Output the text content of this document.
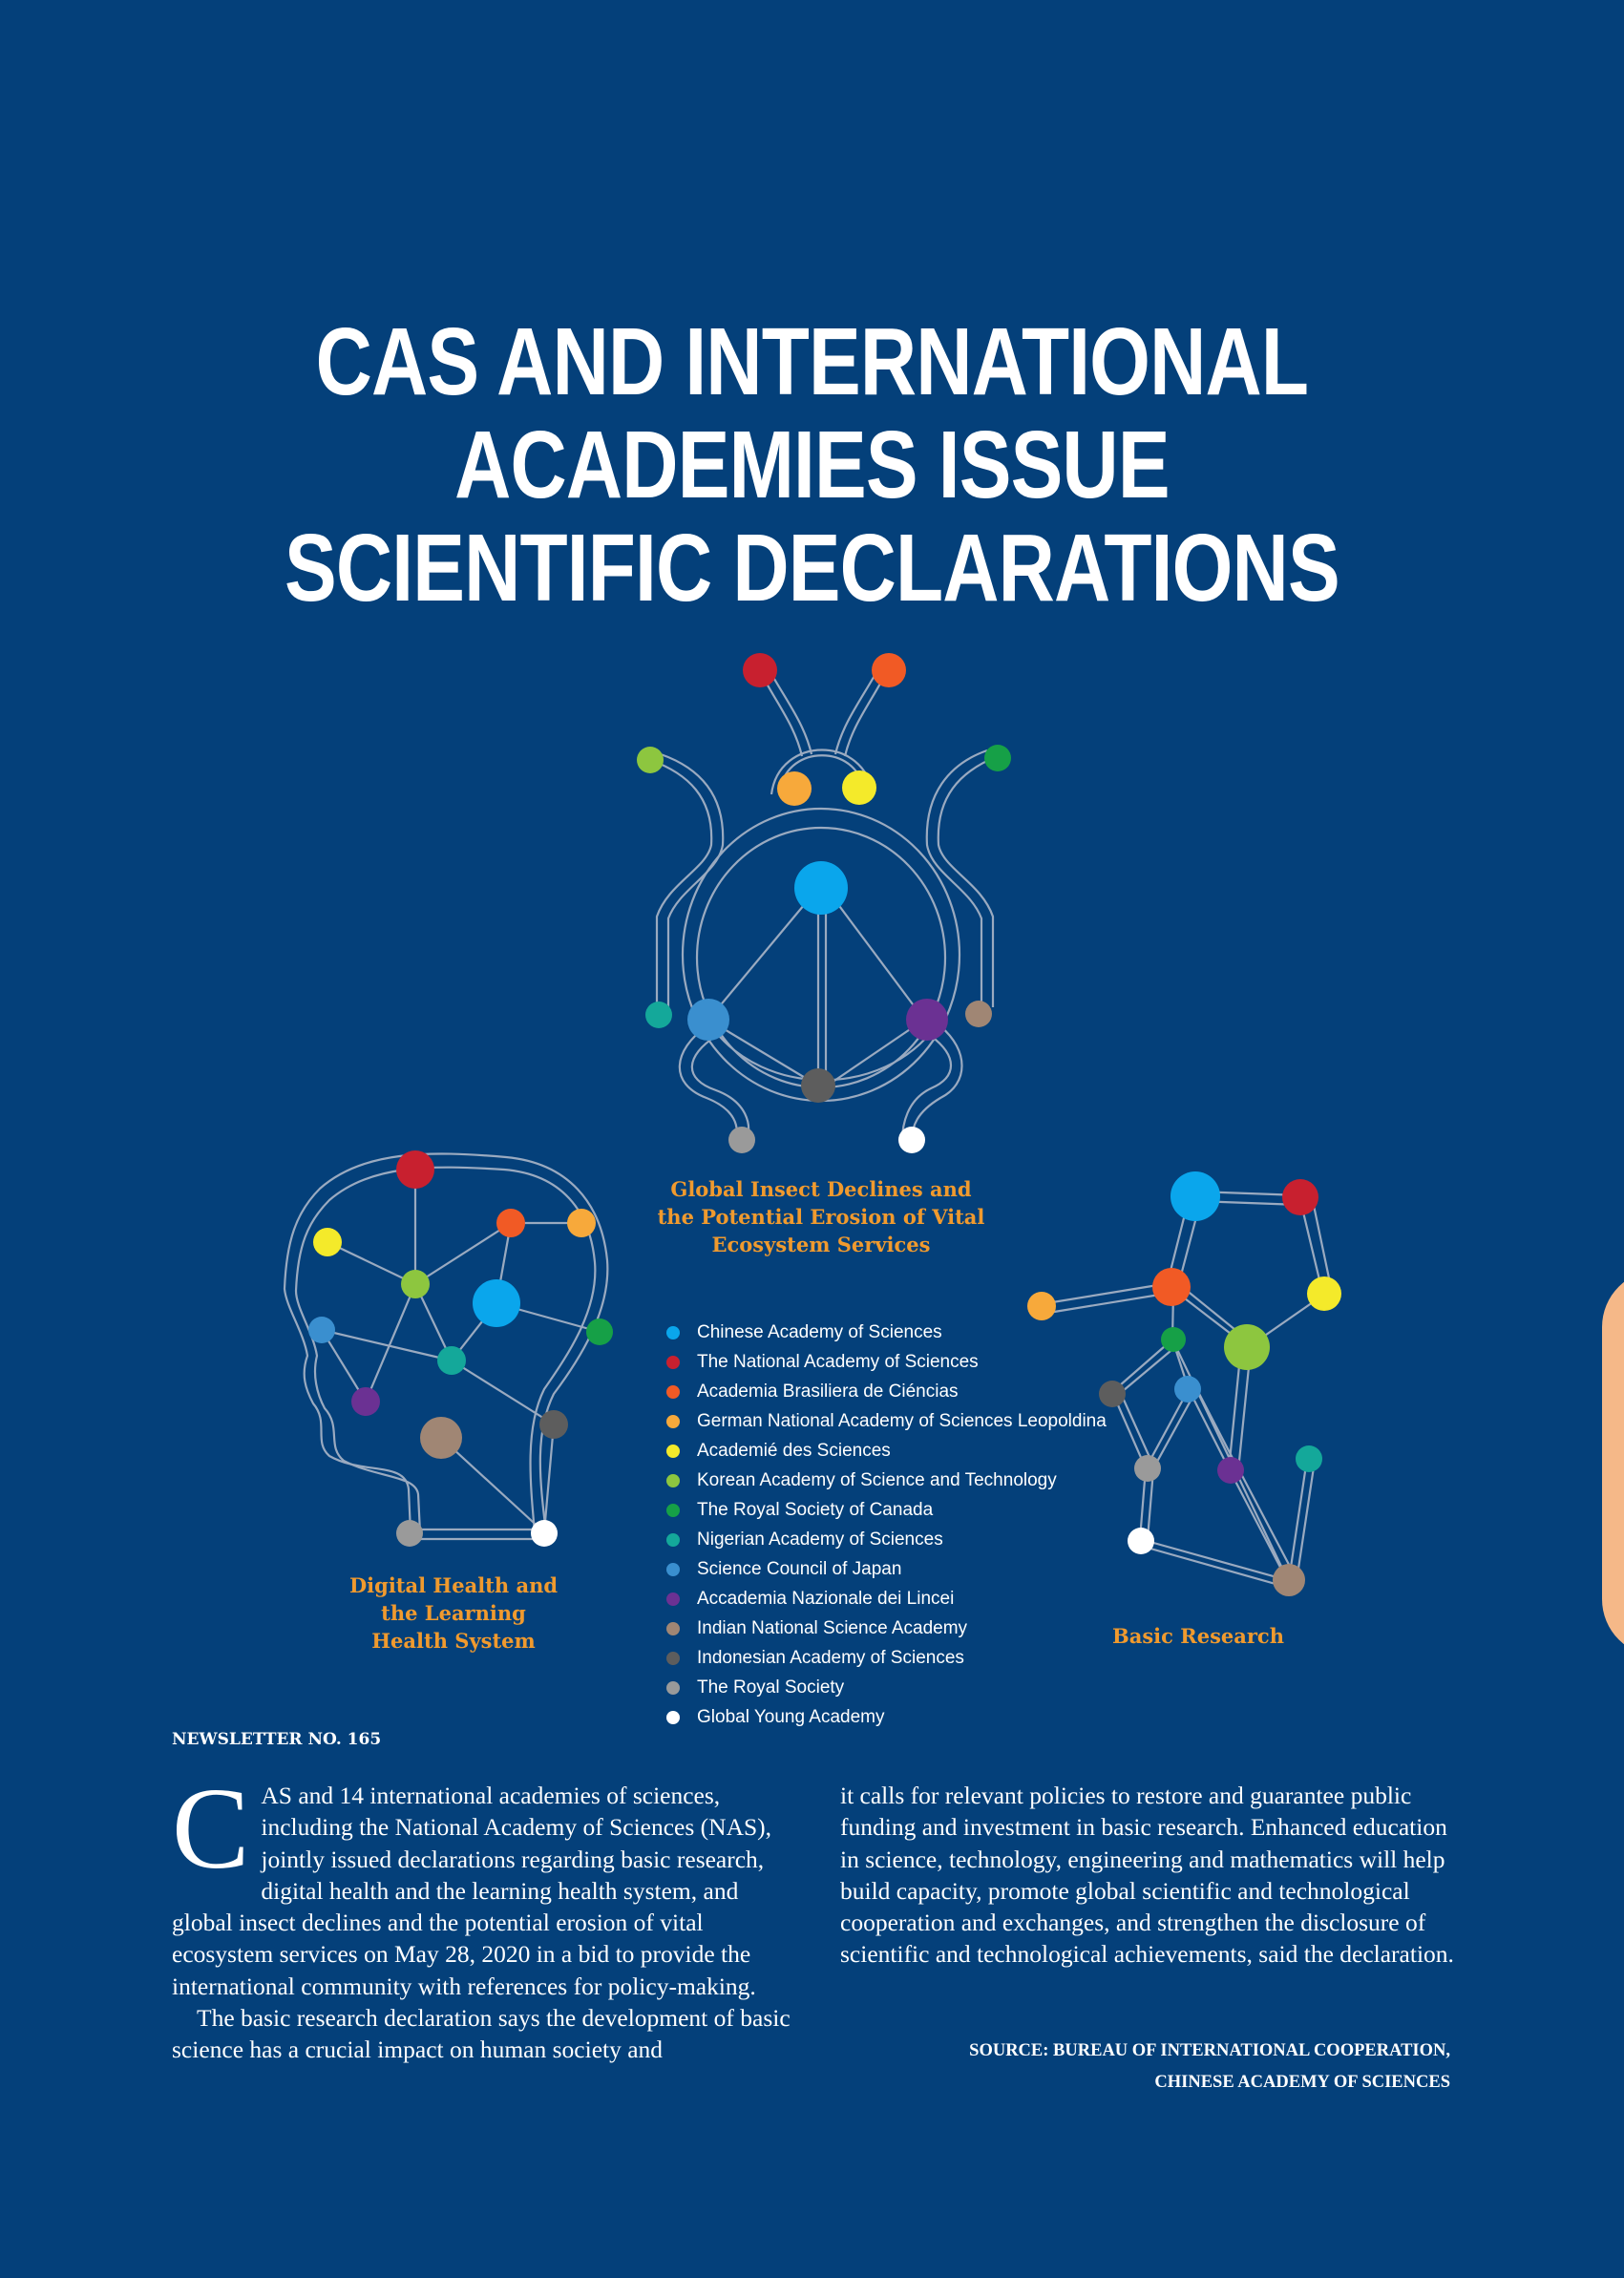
CAS AND INTERNATIONAL
ACADEMIES ISSUE
SCIENTIFIC DECLARATIONS
Global Insect Declines and
the Potential Erosion of Vital
Ecosystem Services
Digital Health and
the Learning
Health System	Basic Research
Chinese Academy of Sciences
The National Academy of Sciences
Academia Brasiliera de Ciéncias
German National Academy of Sciences Leopoldina
Academié des Sciences
Korean Academy of Science and Technology
The Royal Society of Canada
Nigerian Academy of Sciences
Science Council of Japan
Accademia Nazionale dei Lincei
Indian National Science Academy
Indonesian Academy of Sciences
The Royal Society
Global Young Academy
NEWSLETTER NO. 165

CAS and 14 international academies of sciences, including the National Academy of Sciences (NAS), jointly issued declarations regarding basic research, digital health and the learning health system, and global insect declines and the potential erosion of vital ecosystem services on May 28, 2020 in a bid to provide the international community with references for policy-making.

The basic research declaration says the development of basic science has a crucial impact on human society and

it calls for relevant policies to restore and guarantee public funding and investment in basic research. Enhanced education in science, technology, engineering and mathematics will help build capacity, promote global scientific and technological cooperation and exchanges, and strengthen the disclosure of scientific and technological achievements, said the declaration.

SOURCE: BUREAU OF INTERNATIONAL COOPERATION,
CHINESE ACADEMY OF SCIENCES
